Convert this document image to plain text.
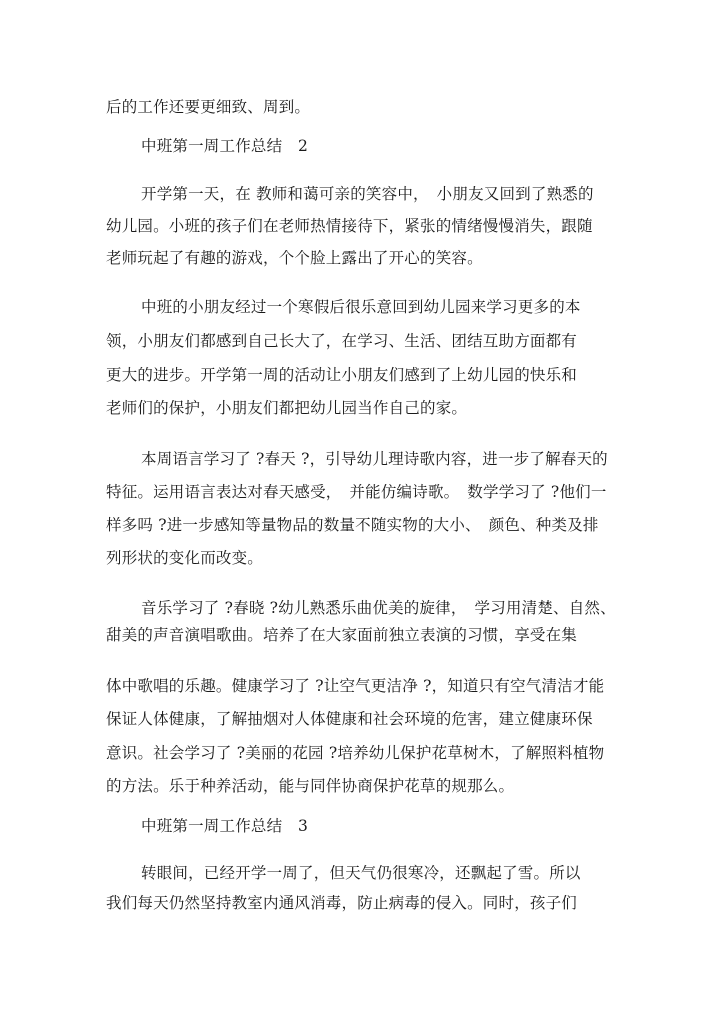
后的工作还要更细致、周到。
中班第一周工作总结　2
开学第一天，在 教师和蔼可亲的笑容中，　小朋友又回到了熟悉的
幼儿园。小班的孩子们在老师热情接待下，紧张的情绪慢慢消失，跟随
老师玩起了有趣的游戏，个个脸上露出了开心的笑容。
中班的小朋友经过一个寒假后很乐意回到幼儿园来学习更多的本
领，小朋友们都感到自己长大了，在学习、生活、团结互助方面都有
更大的进步。开学第一周的活动让小朋友们感到了上幼儿园的快乐和
老师们的保护，小朋友们都把幼儿园当作自己的家。
本周语言学习了 ?春天 ?，引导幼儿理诗歌内容，进一步了解春天的
特征。运用语言表达对春天感受，　并能仿编诗歌。　数学学习了 ?他们一
样多吗 ?进一步感知等量物品的数量不随实物的大小、　颜色、种类及排
列形状的变化而改变。
音乐学习了 ?春晓 ?幼儿熟悉乐曲优美的旋律，　学习用清楚、自然、
甜美的声音演唱歌曲。培养了在大家面前独立表演的习惯，享受在集
体中歌唱的乐趣。健康学习了 ?让空气更洁净 ?，知道只有空气清洁才能
保证人体健康，了解抽烟对人体健康和社会环境的危害，建立健康环保
意识。社会学习了 ?美丽的花园 ?培养幼儿保护花草树木，了解照料植物
的方法。乐于种养活动，能与同伴协商保护花草的规那么。
中班第一周工作总结　3
转眼间，已经开学一周了，但天气仍很寒冷，还飘起了雪。所以
我们每天仍然坚持教室内通风消毒，防止病毒的侵入。同时，孩子们
